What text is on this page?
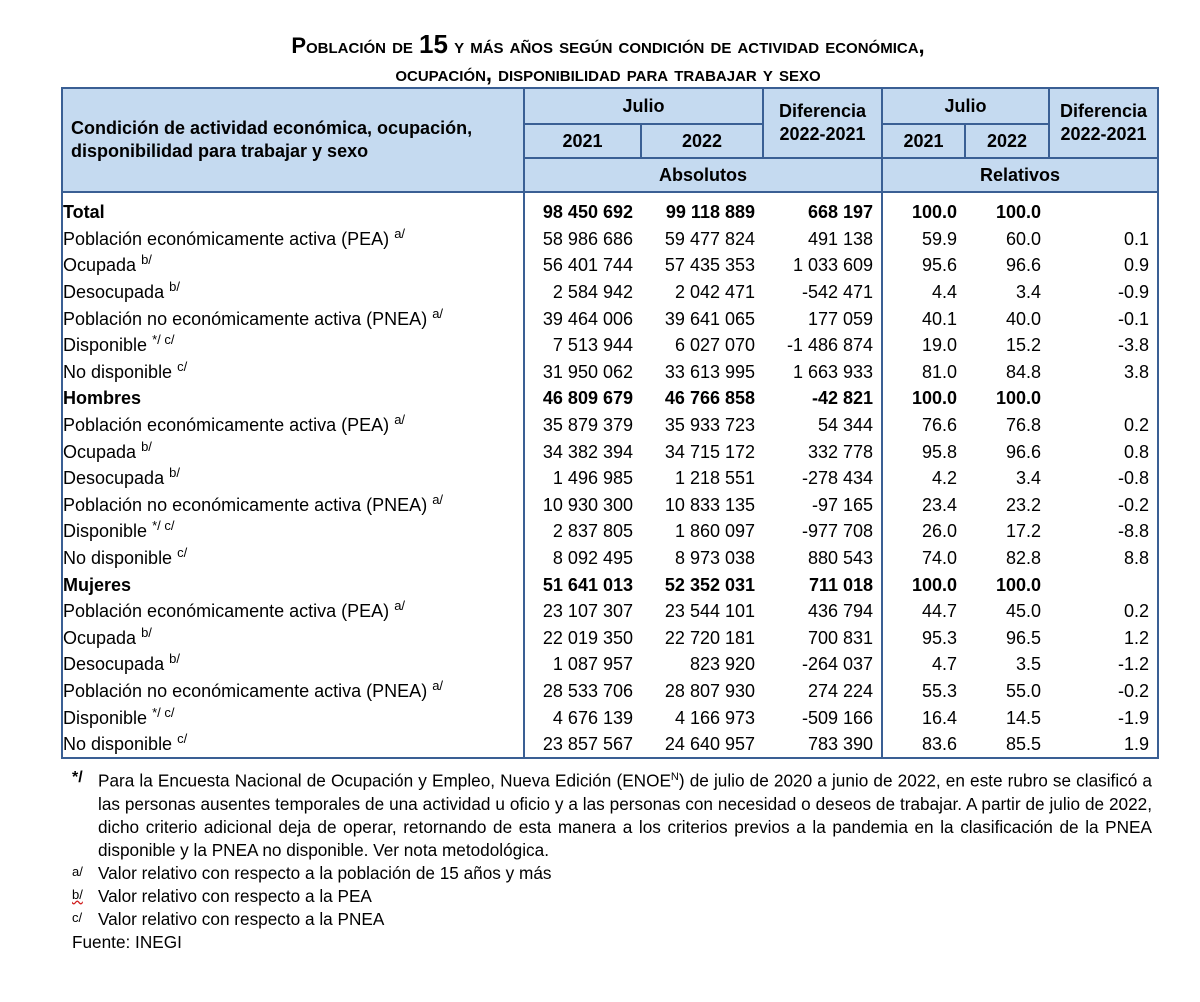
Población de 15 y más años según condición de actividad económica,
ocupación, disponibilidad para trabajar y sexo
Condición de actividad económica, ocupación, disponibilidad para trabajar y sexo	Julio		Diferencia 2022-2021	Julio		Diferencia 2022-2021
	2021	2022		2021	2022	
	Absolutos			Relativos		
Total	98 450 692	99 118 889	668 197	100.0	100.0	
Población económicamente activa (PEA) $^{a/}$	58 986 686	59 477 824	491 138	59.9	60.0	0.1
Ocupada $^{b/}$	56 401 744	57 435 353	1 033 609	95.6	96.6	0.9
Desocupada $^{b/}$	2 584 942	2 042 471	-542 471	4.4	3.4	-0.9
Población no económicamente activa (PNEA) $^{a/}$	39 464 006	39 641 065	177 059	40.1	40.0	-0.1
Disponible $^{*/ c/}$	7 513 944	6 027 070	-1 486 874	19.0	15.2	-3.8
No disponible $^{c/}$	31 950 062	33 613 995	1 663 933	81.0	84.8	3.8
Hombres	46 809 679	46 766 858	-42 821	100.0	100.0	
Población económicamente activa (PEA) $^{a/}$	35 879 379	35 933 723	54 344	76.6	76.8	0.2
Ocupada $^{b/}$	34 382 394	34 715 172	332 778	95.8	96.6	0.8
Desocupada $^{b/}$	1 496 985	1 218 551	-278 434	4.2	3.4	-0.8
Población no económicamente activa (PNEA) $^{a/}$	10 930 300	10 833 135	-97 165	23.4	23.2	-0.2
Disponible $^{*/ c/}$	2 837 805	1 860 097	-977 708	26.0	17.2	-8.8
No disponible $^{c/}$	8 092 495	8 973 038	880 543	74.0	82.8	8.8
Mujeres	51 641 013	52 352 031	711 018	100.0	100.0	
Población económicamente activa (PEA) $^{a/}$	23 107 307	23 544 101	436 794	44.7	45.0	0.2
Ocupada $^{b/}$	22 019 350	22 720 181	700 831	95.3	96.5	1.2
Desocupada $^{b/}$	1 087 957	823 920	-264 037	4.7	3.5	-1.2
Población no económicamente activa (PNEA) $^{a/}$	28 533 706	28 807 930	274 224	55.3	55.0	-0.2
Disponible $^{*/ c/}$	4 676 139	4 166 973	-509 166	16.4	14.5	-1.9
No disponible $^{c/}$	23 857 567	24 640 957	783 390	83.6	85.5	1.9
*/ Para la Encuesta Nacional de Ocupación y Empleo, Nueva Edición $(ENOE^N)$ de julio de 2020 a junio de 2022, en este rubro se clasificó a las personas ausentes temporales de una actividad u oficio y a las personas con necesidad o deseos de trabajar. A partir de julio de 2022, dicho criterio adicional deja de operar, retornando de esta manera a los criterios previos a la pandemia en la clasificación de la PNEA disponible y la PNEA no disponible. Ver nota metodológica.
a/ Valor relativo con respecto a la población de 15 años y más
b/ Valor relativo con respecto a la PEA
c/ Valor relativo con respecto a la PNEA
Fuente: INEGI
